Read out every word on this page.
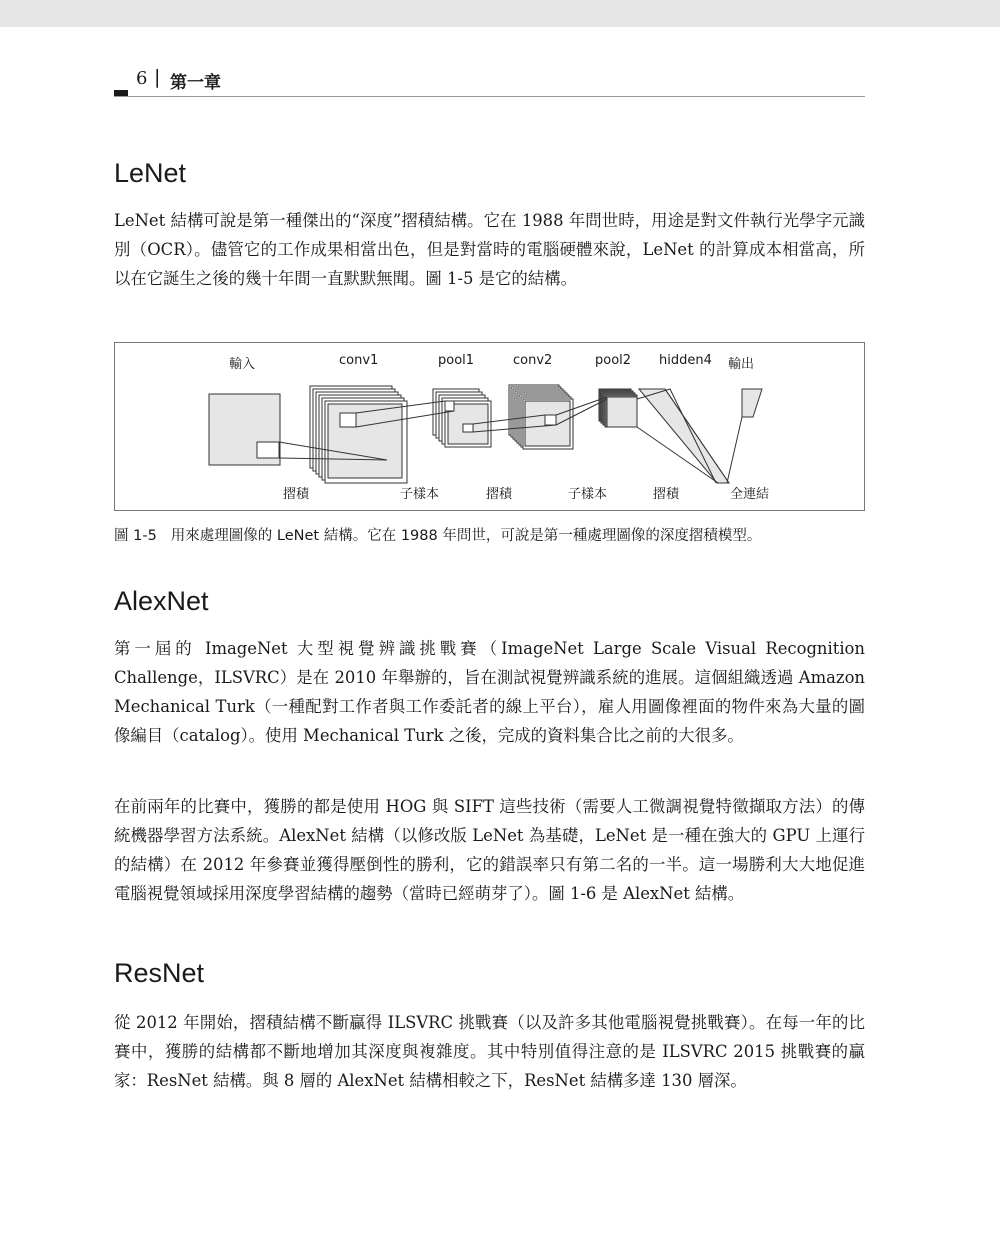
6 | 第一章
LeNet

LeNet 結構可說是第一種傑出的“深度”摺積結構。它在 1988 年問世時，用途是對文件執行光學字元識別（OCR）。儘管它的工作成果相當出色，但是對當時的電腦硬體來說，LeNet 的計算成本相當高，所以在它誕生之後的幾十年間一直默默無聞。圖 1-5 是它的結構。

輸入	conv1	pool1	conv2	pool2 hidden4 輸出
摺積	子樣本	摺積	子樣本	摺積	全連結

圖 1-5 用來處理圖像的 LeNet 結構。它在 1988 年問世，可說是第一種處理圖像的深度摺積模型。

AlexNet

第一屆的 ImageNet 大型視覺辨識挑戰賽（ImageNet Large Scale Visual Recognition Challenge，ILSVRC）是在 2010 年舉辦的，旨在測試視覺辨識系統的進展。這個組織透過 Amazon Mechanical Turk（一種配對工作者與工作委託者的線上平台），雇人用圖像裡面的物件來為大量的圖像編目（catalog）。使用 Mechanical Turk 之後，完成的資料集合比之前的大很多。

在前兩年的比賽中，獲勝的都是使用 HOG 與 SIFT 這些技術（需要人工微調視覺特徵擷取方法）的傳統機器學習方法系統。AlexNet 結構（以修改版 LeNet 為基礎，LeNet 是一種在強大的 GPU 上運行的結構）在 2012 年參賽並獲得壓倒性的勝利，它的錯誤率只有第二名的一半。這一場勝利大大地促進電腦視覺領域採用深度學習結構的趨勢（當時已經萌芽了）。圖 1-6 是 AlexNet 結構。

ResNet

從 2012 年開始，摺積結構不斷贏得 ILSVRC 挑戰賽（以及許多其他電腦視覺挑戰賽）。在每一年的比賽中，獲勝的結構都不斷地增加其深度與複雜度。其中特別值得注意的是 ILSVRC 2015 挑戰賽的贏家：ResNet 結構。與 8 層的 AlexNet 結構相較之下，ResNet 結構多達 130 層深。
